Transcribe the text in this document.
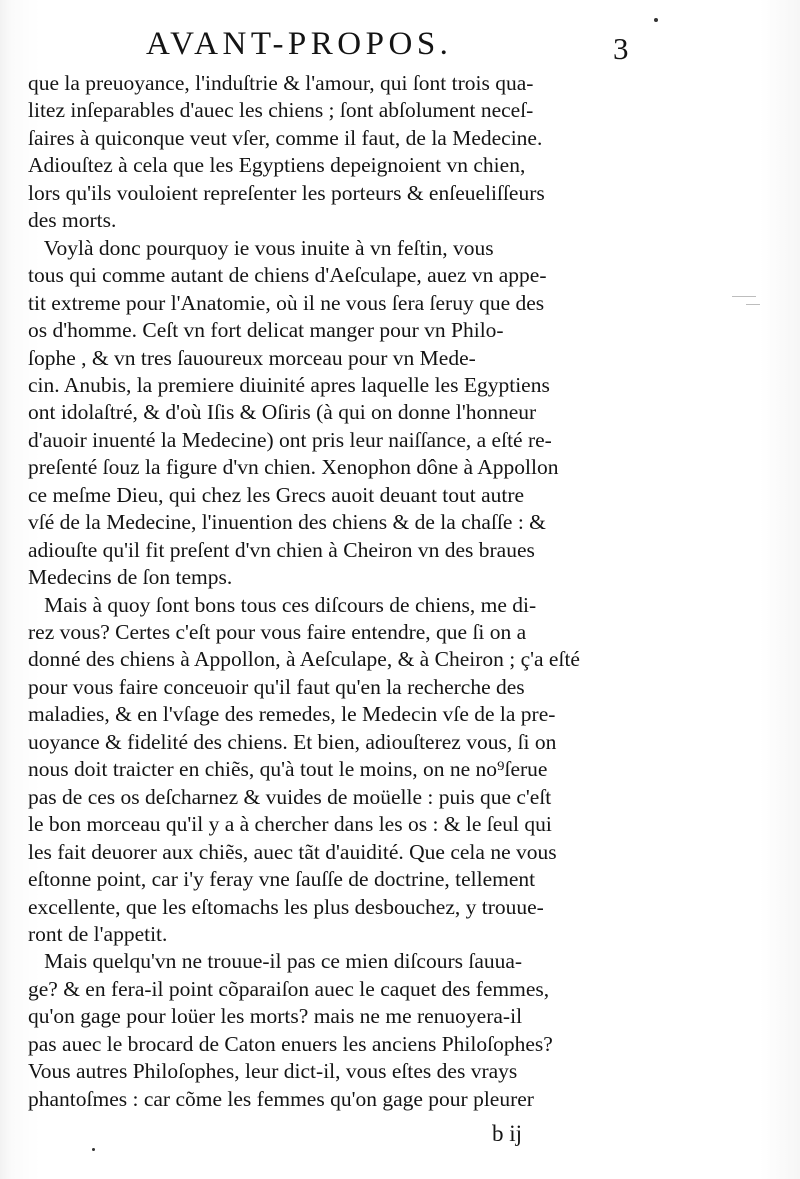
AVANT-PROPOS.	3
que la preuoyance, l'induſtrie & l'amour, qui ſont trois qua-
litez inſeparables d'auec les chiens ; ſont abſolument neceſ-
ſaires à quiconque veut vſer, comme il faut, de la Medecine.
Adiouſtez à cela que les Egyptiens depeignoient vn chien,
lors qu'ils vouloient repreſenter les porteurs & enſeueliſſeurs
des morts.
Voylà donc pourquoy ie vous inuite à vn feſtin, vous
tous qui comme autant de chiens d'Aeſculape, auez vn appe-
tit extreme pour l'Anatomie, où il ne vous ſera ſeruy que des
os d'homme. Ceſt vn fort delicat manger pour vn Philo-
ſophe , & vn tres ſauoureux morceau pour vn Mede-
cin. Anubis, la premiere diuinité apres laquelle les Egyptiens
ont idolaſtré, & d'où Iſis & Oſiris (à qui on donne l'honneur
d'auoir inuenté la Medecine) ont pris leur naiſſance, a eſté re-
preſenté ſouz la figure d'vn chien. Xenophon dône à Appollon
ce meſme Dieu, qui chez les Grecs auoit deuant tout autre
vſé de la Medecine, l'inuention des chiens & de la chaſſe : &
adiouſte qu'il fit preſent d'vn chien à Cheiron vn des braues
Medecins de ſon temps.
Mais à quoy ſont bons tous ces diſcours de chiens, me di-
rez vous? Certes c'eſt pour vous faire entendre, que ſi on a
donné des chiens à Appollon, à Aeſculape, & à Cheiron ; ç'a eſté
pour vous faire conceuoir qu'il faut qu'en la recherche des
maladies, & en l'vſage des remedes, le Medecin vſe de la pre-
uoyance & fidelité des chiens. Et bien, adiouſterez vous, ſi on
nous doit traicter en chiẽs, qu'à tout le moins, on ne no⁹ſerue
pas de ces os deſcharnez & vuides de moüelle : puis que c'eſt
le bon morceau qu'il y a à chercher dans les os : & le ſeul qui
les fait deuorer aux chiẽs, auec tãt d'auidité. Que cela ne vous
eſtonne point, car i'y feray vne ſauſſe de doctrine, tellement
excellente, que les eſtomachs les plus desbouchez, y trouue-
ront de l'appetit.
Mais quelqu'vn ne trouue-il pas ce mien diſcours ſauua-
ge? & en fera-il point cõparaiſon auec le caquet des femmes,
qu'on gage pour loüer les morts? mais ne me renuoyera-il
pas auec le brocard de Caton enuers les anciens Philoſophes?
Vous autres Philoſophes, leur dict-il, vous eſtes des vrays
phantoſmes : car cõme les femmes qu'on gage pour pleurer
b ij
